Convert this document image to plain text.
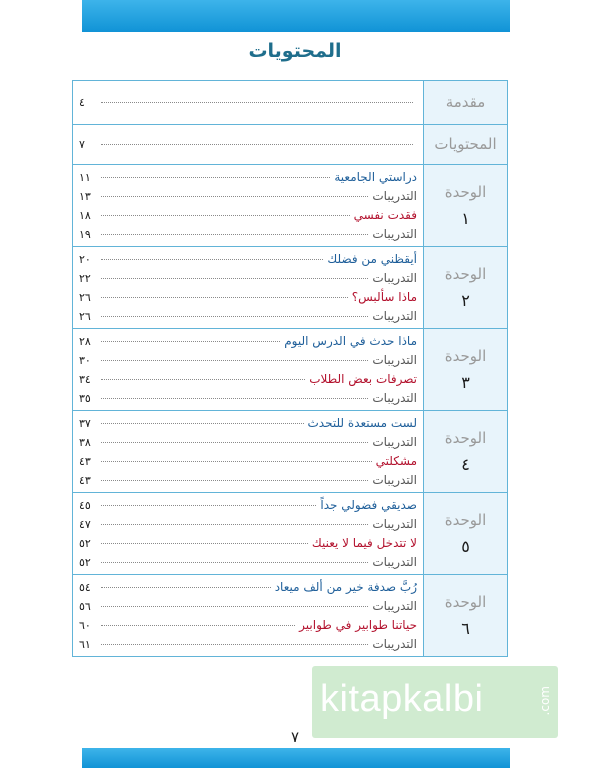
المحتويات
مقدمة
٤
المحتويات
٧
الوحدة
١
دراستي الجامعية
١١
التدريبات
١٣
فقدت نفسي
١٨
التدريبات
١٩
الوحدة
٢
أيقظني من فضلك
٢٠
التدريبات
٢٢
ماذا سألبس؟
٢٦
التدريبات
٢٦
الوحدة
٣
ماذا حدث في الدرس اليوم
٢٨
التدريبات
٣٠
تصرفات بعض الطلاب
٣٤
التدريبات
٣٥
الوحدة
٤
لست مستعدة للتحدث
٣٧
التدريبات
٣٨
مشكلتي
٤٣
التدريبات
٤٣
الوحدة
٥
صديقي فضولي جداً
٤٥
التدريبات
٤٧
لا تتدخل فيما لا يعنيك
٥٢
التدريبات
٥٢
الوحدة
٦
رُبَّ صدفة خير من ألف ميعاد
٥٤
التدريبات
٥٦
حياتنا طوابير في طوابير
٦٠
التدريبات
٦١
kitapkalbi	.com
٧
